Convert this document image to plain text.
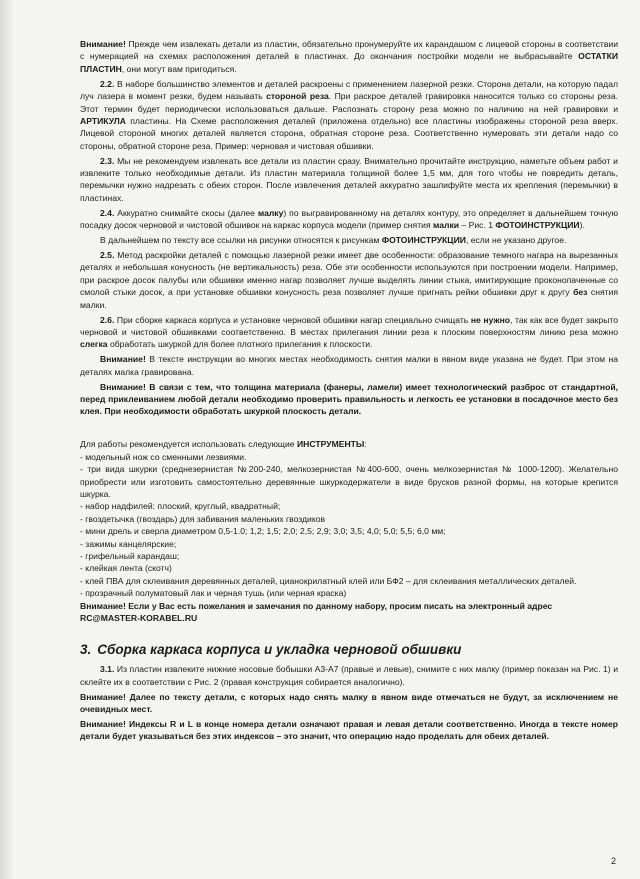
Внимание! Прежде чем извлекать детали из пластин, обязательно пронумеруйте их карандашом с лицевой стороны в соответствии с нумерацией на схемах расположения деталей в пластинах. До окончания постройки модели не выбрасывайте ОСТАТКИ ПЛАСТИН, они могут вам пригодиться.

2.2. В наборе большинство элементов и деталей раскроены с применением лазерной резки. Сторона детали, на которую падал луч лазера в момент резки, будем называть стороной реза. При раскрое деталей гравировка наносится только со стороны реза. Этот термин будет периодически использоваться дальше. Распознать сторону реза можно по наличию на ней гравировки и АРТИКУЛА пластины. На Схеме расположения деталей (приложена отдельно) все пластины изображены стороной реза вверх. Лицевой стороной многих деталей является сторона, обратная стороне реза. Соответственно нумеровать эти детали надо со стороны, обратной стороне реза. Пример: черновая и чистовая обшивки.

2.3. Мы не рекомендуем извлекать все детали из пластин сразу. Внимательно прочитайте инструкцию, наметьте объем работ и извлеките только необходимые детали. Из пластин материала толщиной более 1,5 мм, для того чтобы не повредить деталь, перемычки нужно надрезать с обеих сторон. После извлечения деталей аккуратно зашлифуйте места их крепления (перемычки) в пластинах.

2.4. Аккуратно снимайте скосы (далее малку) по выгравированному на деталях контуру, это определяет в дальнейшем точную посадку досок черновой и чистовой обшивок на каркас корпуса модели (пример снятия малки – Рис. 1 ФОТОИНСТРУКЦИИ).

В дальнейшем по тексту все ссылки на рисунки относятся к рисункам ФОТОИНСТРУКЦИИ, если не указано другое.

2.5. Метод раскройки деталей с помощью лазерной резки имеет две особенности: образование темного нагара на вырезанных деталях и небольшая конусность (не вертикальность) реза. Обе эти особенности используются при построении модели. Например, при раскрое досок палубы или обшивки именно нагар позволяет лучше выделять линии стыка, имитирующие проконопаченные со смолой стыки досок, а при установке обшивки конусность реза позволяет лучше пригнать рейки обшивки друг к другу без снятия малки.

2.6. При сборке каркаса корпуса и установке черновой обшивки нагар специально счищать не нужно, так как все будет закрыто черновой и чистовой обшивками соответственно. В местах прилегания линии реза к плоским поверхностям линию реза можно слегка обработать шкуркой для более плотного прилегания к плоскости.

Внимание! В тексте инструкции во многих местах необходимость снятия малки в явном виде указана не будет. При этом на деталях малка гравирована.

Внимание! В связи с тем, что толщина материала (фанеры, ламели) имеет технологический разброс от стандартной, перед приклеиванием любой детали необходимо проверить правильность и легкость ее установки в посадочное место без клея. При необходимости обработать шкуркой плоскость детали.

Для работы рекомендуется использовать следующие ИНСТРУМЕНТЫ:

- модельный нож со сменными лезвиями.

- три вида шкурки (среднезернистая №200-240, мелкозернистая №400-600, очень мелкозернистая № 1000-1200). Желательно приобрести или изготовить самостоятельно деревянные шкуркодержатели в виде брусков разной формы, на которые крепится шкурка.

- набор надфилей: плоский, круглый, квадратный;

- гвоздетычка (гвоздарь) для забивания маленьких гвоздиков

- мини дрель и сверла диаметром 0,5-1.0; 1,2; 1,5; 2,0; 2,5; 2,9; 3,0; 3,5; 4,0; 5,0; 5,5; 6,0 мм;

- зажимы канцелярские;

- грифельный карандаш;

- клейкая лента (скотч)

- клей ПВА для склеивания деревянных деталей, цианокрилатный клей или БФ2 – для склеивания металлических деталей.

- прозрачный полуматовый лак и черная тушь (или черная краска)

Внимание! Если у Вас есть пожелания и замечания по данному набору, просим писать на электронный адрес

RC@MASTER-KORABEL.RU

3. Сборка каркаса корпуса и укладка черновой обшивки

3.1. Из пластин извлеките нижние носовые бобышки А3-А7 (правые и левые), снимите с них малку (пример показан на Рис. 1) и склейте их в соответствии с Рис. 2 (правая конструкция собирается аналогично).

Внимание! Далее по тексту детали, с которых надо снять малку в явном виде отмечаться не будут, за исключением не очевидных мест.

Внимание! Индексы R и L в конце номера детали означают правая и левая детали соответственно. Иногда в тексте номер детали будет указываться без этих индексов – это значит, что операцию надо проделать для обеих деталей.

2
